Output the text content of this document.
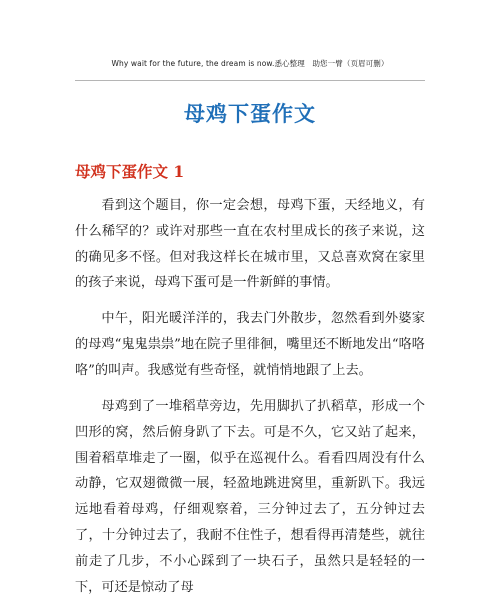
Why wait for the future, the dream is now.悉心整理　助您一臂（页眉可删）
母鸡下蛋作文
母鸡下蛋作文 1

看到这个题目，你一定会想，母鸡下蛋，天经地义，有什么稀罕的？或许对那些一直在农村里成长的孩子来说，这的确见多不怪。但对我这样长在城市里，又总喜欢窝在家里的孩子来说，母鸡下蛋可是一件新鲜的事情。

中午，阳光暖洋洋的，我去门外散步，忽然看到外婆家的母鸡“鬼鬼祟祟”地在院子里徘徊，嘴里还不断地发出“咯咯咯”的叫声。我感觉有些奇怪，就悄悄地跟了上去。

母鸡到了一堆稻草旁边，先用脚扒了扒稻草，形成一个凹形的窝，然后俯身趴了下去。可是不久，它又站了起来，围着稻草堆走了一圈，似乎在巡视什么。看看四周没有什么动静，它双翅微微一展，轻盈地跳进窝里，重新趴下。我远远地看着母鸡，仔细观察着，三分钟过去了，五分钟过去了，十分钟过去了，我耐不住性子，想看得再清楚些，就往前走了几步，不小心踩到了一块石子，虽然只是轻轻的一下，可还是惊动了母
